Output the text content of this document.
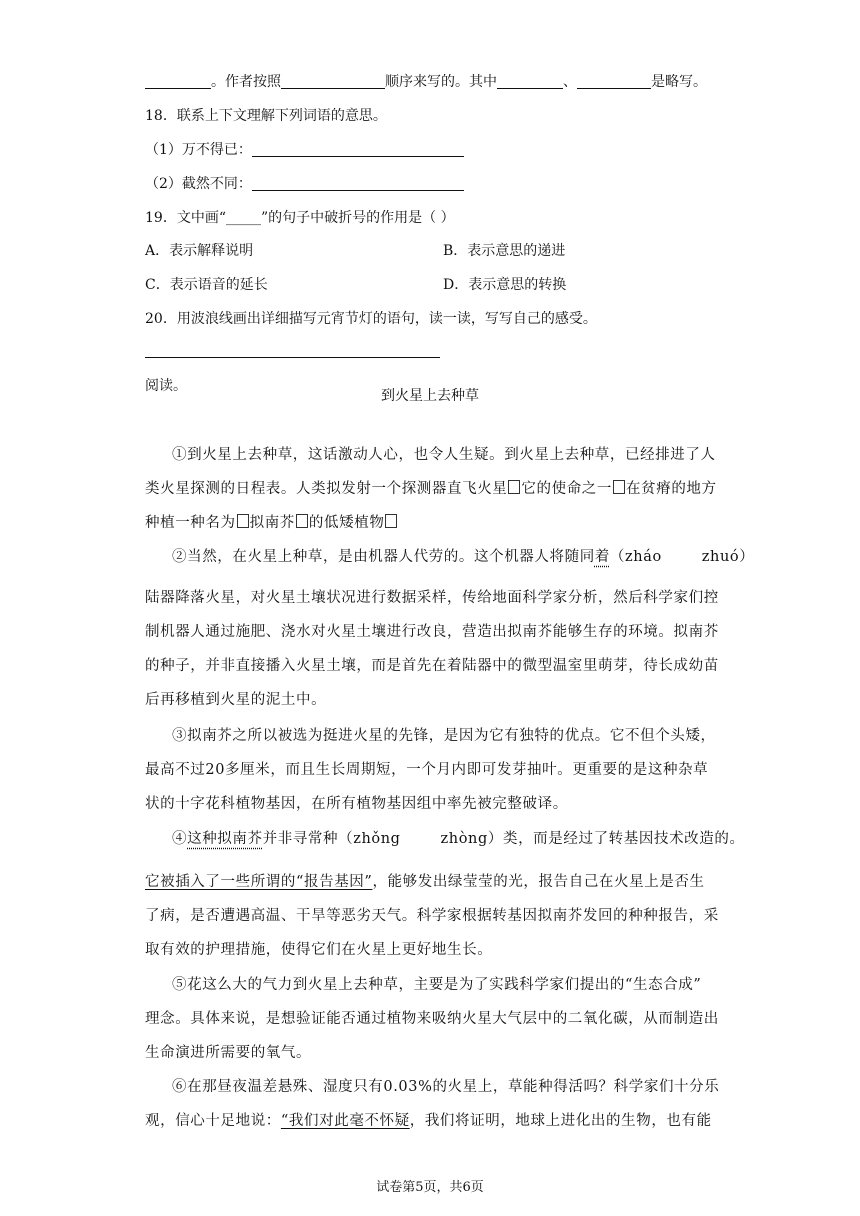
。作者按照	顺序来写的。其中	、	是略写。
18．联系上下文理解下列词语的意思。
（1）万不得已：
（2）截然不同：
19．文中画“_____”的句子中破折号的作用是（ ）
A．表示解释说明	B．表示意思的递进
C．表示语音的延长	D．表示意思的转换
20．用波浪线画出详细描写元宵节灯的语句，读一读，写写自己的感受。
阅读。
到火星上去种草
①到火星上去种草，这话激动人心，也令人生疑。到火星上去种草，已经排进了人
类火星探测的日程表。人类拟发射一个探测器直飞火星 它的使命之一 在贫瘠的地方
种植一种名为 拟南芥 的低矮植物
②当然，在火星上种草，是由机器人代劳的。这个机器人将随同着（zháo	zhuó）
陆器降落火星，对火星土壤状况进行数据采样，传给地面科学家分析，然后科学家们控
制机器人通过施肥、浇水对火星土壤进行改良，营造出拟南芥能够生存的环境。拟南芥
的种子，并非直接播入火星土壤，而是首先在着陆器中的微型温室里萌芽，待长成幼苗
后再移植到火星的泥土中。
③拟南芥之所以被选为挺进火星的先锋，是因为它有独特的优点。它不但个头矮，
最高不过20多厘米，而且生长周期短，一个月内即可发芽抽叶。更重要的是这种杂草
状的十字花科植物基因，在所有植物基因组中率先被完整破译。
④这种拟南芥并非寻常种（zhǒng	zhòng）类，而是经过了转基因技术改造的。
它被插入了一些所谓的“报告基因”，能够发出绿莹莹的光，报告自己在火星上是否生
了病，是否遭遇高温、干旱等恶劣天气。科学家根据转基因拟南芥发回的种种报告，采
取有效的护理措施，使得它们在火星上更好地生长。
⑤花这么大的气力到火星上去种草，主要是为了实践科学家们提出的“生态合成”
理念。具体来说，是想验证能否通过植物来吸纳火星大气层中的二氧化碳，从而制造出
生命演进所需要的氧气。
⑥在那昼夜温差悬殊、湿度只有0.03%的火星上，草能种得活吗？科学家们十分乐
观，信心十足地说：“我们对此毫不怀疑，我们将证明，地球上进化出的生物，也有能
试卷第5页，共6页
